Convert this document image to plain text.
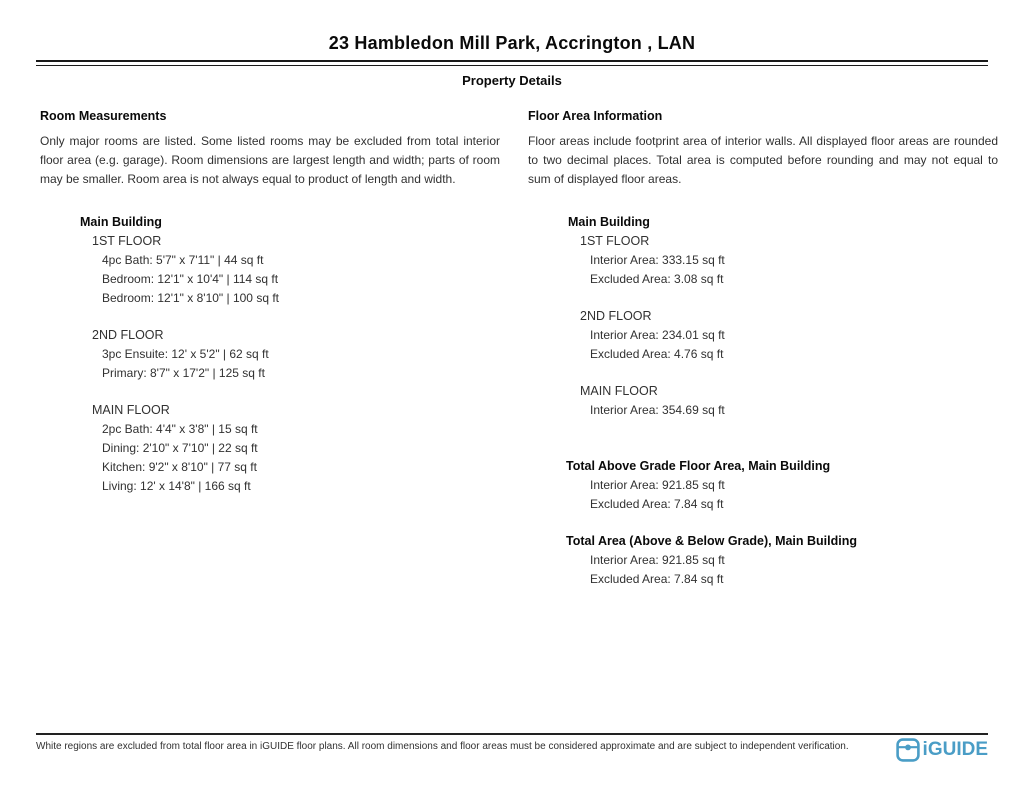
23 Hambledon Mill Park, Accrington , LAN
Property Details
Room Measurements
Only major rooms are listed. Some listed rooms may be excluded from total interior floor area (e.g. garage). Room dimensions are largest length and width; parts of room may be smaller. Room area is not always equal to product of length and width.
Main Building
1ST FLOOR
4pc Bath: 5'7" x 7'11" | 44 sq ft
Bedroom: 12'1" x 10'4" | 114 sq ft
Bedroom: 12'1" x 8'10" | 100 sq ft
2ND FLOOR
3pc Ensuite: 12' x 5'2" | 62 sq ft
Primary: 8'7" x 17'2" | 125 sq ft
MAIN FLOOR
2pc Bath: 4'4" x 3'8" | 15 sq ft
Dining: 2'10" x 7'10" | 22 sq ft
Kitchen: 9'2" x 8'10" | 77 sq ft
Living: 12' x 14'8" | 166 sq ft
Floor Area Information
Floor areas include footprint area of interior walls. All displayed floor areas are rounded to two decimal places. Total area is computed before rounding and may not equal to sum of displayed floor areas.
Main Building
1ST FLOOR
Interior Area: 333.15 sq ft
Excluded Area: 3.08 sq ft
2ND FLOOR
Interior Area: 234.01 sq ft
Excluded Area: 4.76 sq ft
MAIN FLOOR
Interior Area: 354.69 sq ft
Total Above Grade Floor Area, Main Building
Interior Area: 921.85 sq ft
Excluded Area: 7.84 sq ft
Total Area (Above & Below Grade), Main Building
Interior Area: 921.85 sq ft
Excluded Area: 7.84 sq ft
White regions are excluded from total floor area in iGUIDE floor plans. All room dimensions and floor areas must be considered approximate and are subject to independent verification.	iGUIDE
